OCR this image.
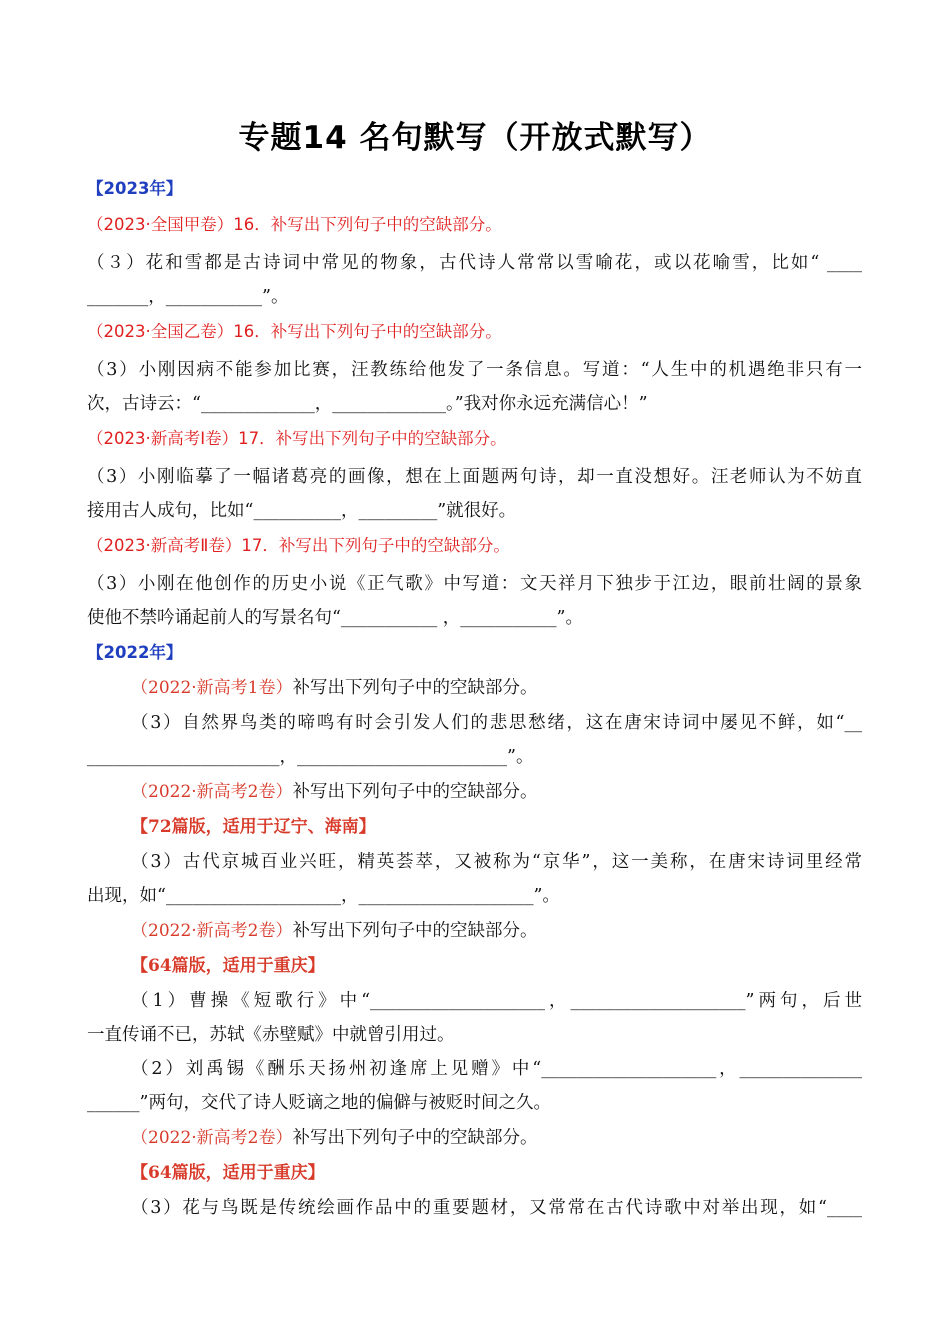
专题14 名句默写（开放式默写）
【2023年】
（2023·全国甲卷）16．补写出下列句子中的空缺部分。
（３）花和雪都是古诗词中常见的物象，古代诗人常常以雪喻花，或以花喻雪，比如“ ____
_______，___________”。
（2023·全国乙卷）16．补写出下列句子中的空缺部分。
（3）小刚因病不能参加比赛，汪教练给他发了一条信息。写道：“人生中的机遇绝非只有一
次，古诗云：“_____________，_____________。”我对你永远充满信心！”
（2023·新高考Ⅰ卷）17．补写出下列句子中的空缺部分。
（3）小刚临摹了一幅诸葛亮的画像，想在上面题两句诗，却一直没想好。汪老师认为不妨直
接用古人成句，比如“__________，_________”就很好。
（2023·新高考Ⅱ卷）17．补写出下列句子中的空缺部分。
（3）小刚在他创作的历史小说《正气歌》中写道：文天祥月下独步于江边，眼前壮阔的景象
使他不禁吟诵起前人的写景名句“___________ ，___________”。
【2022年】
（2022·新高考1卷）补写出下列句子中的空缺部分。
（3）自然界鸟类的啼鸣有时会引发人们的悲思愁绪，这在唐宋诗词中屡见不鲜，如“__
______________________，________________________”。
（2022·新高考2卷）补写出下列句子中的空缺部分。
【72篇版，适用于辽宁、海南】
（3）古代京城百业兴旺，精英荟萃，又被称为“京华”，这一美称，在唐宋诗词里经常
出现，如“____________________，____________________”。
（2022·新高考2卷）补写出下列句子中的空缺部分。
【64篇版，适用于重庆】
（1）曹操《短歌行》中“____________________，____________________”两句，后世
一直传诵不已，苏轼《赤壁赋》中就曾引用过。
（2）刘禹锡《酬乐天扬州初逢席上见赠》中“____________________，______________
______”两句，交代了诗人贬谪之地的偏僻与被贬时间之久。
（2022·新高考2卷）补写出下列句子中的空缺部分。
【64篇版，适用于重庆】
（3）花与鸟既是传统绘画作品中的重要题材，又常常在古代诗歌中对举出现，如“____
